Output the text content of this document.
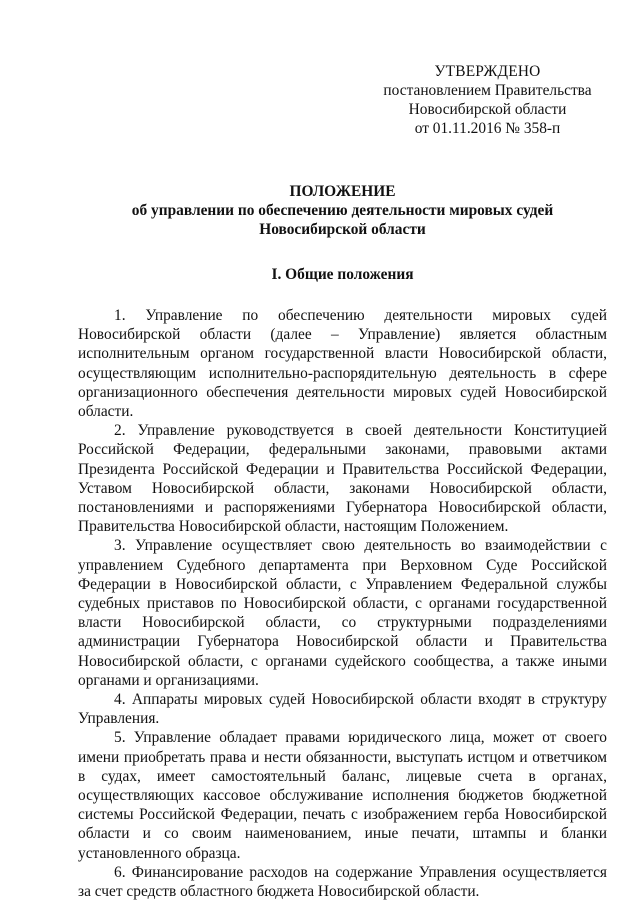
УТВЕРЖДЕНО
постановлением Правительства
Новосибирской области
от 01.11.2016 № 358-п
ПОЛОЖЕНИЕ
об управлении по обеспечению деятельности мировых судей
Новосибирской области
I. Общие положения

1. Управление по обеспечению деятельности мировых судей Новосибирской области (далее – Управление) является областным исполнительным органом государственной власти Новосибирской области, осуществляющим исполнительно-распорядительную деятельность в сфере организационного обеспечения деятельности мировых судей Новосибирской области.

2. Управление руководствуется в своей деятельности Конституцией Российской Федерации, федеральными законами, правовыми актами Президента Российской Федерации и Правительства Российской Федерации, Уставом Новосибирской области, законами Новосибирской области, постановлениями и распоряжениями Губернатора Новосибирской области, Правительства Новосибирской области, настоящим Положением.

3. Управление осуществляет свою деятельность во взаимодействии с управлением Судебного департамента при Верховном Суде Российской Федерации в Новосибирской области, с Управлением Федеральной службы судебных приставов по Новосибирской области, с органами государственной власти Новосибирской области, со структурными подразделениями администрации Губернатора Новосибирской области и Правительства Новосибирской области, с органами судейского сообщества, а также иными органами и организациями.

4. Аппараты мировых судей Новосибирской области входят в структуру Управления.

5. Управление обладает правами юридического лица, может от своего имени приобретать права и нести обязанности, выступать истцом и ответчиком в судах, имеет самостоятельный баланс, лицевые счета в органах, осуществляющих кассовое обслуживание исполнения бюджетов бюджетной системы Российской Федерации, печать с изображением герба Новосибирской области и со своим наименованием, иные печати, штампы и бланки установленного образца.

6. Финансирование расходов на содержание Управления осуществляется за счет средств областного бюджета Новосибирской области.
